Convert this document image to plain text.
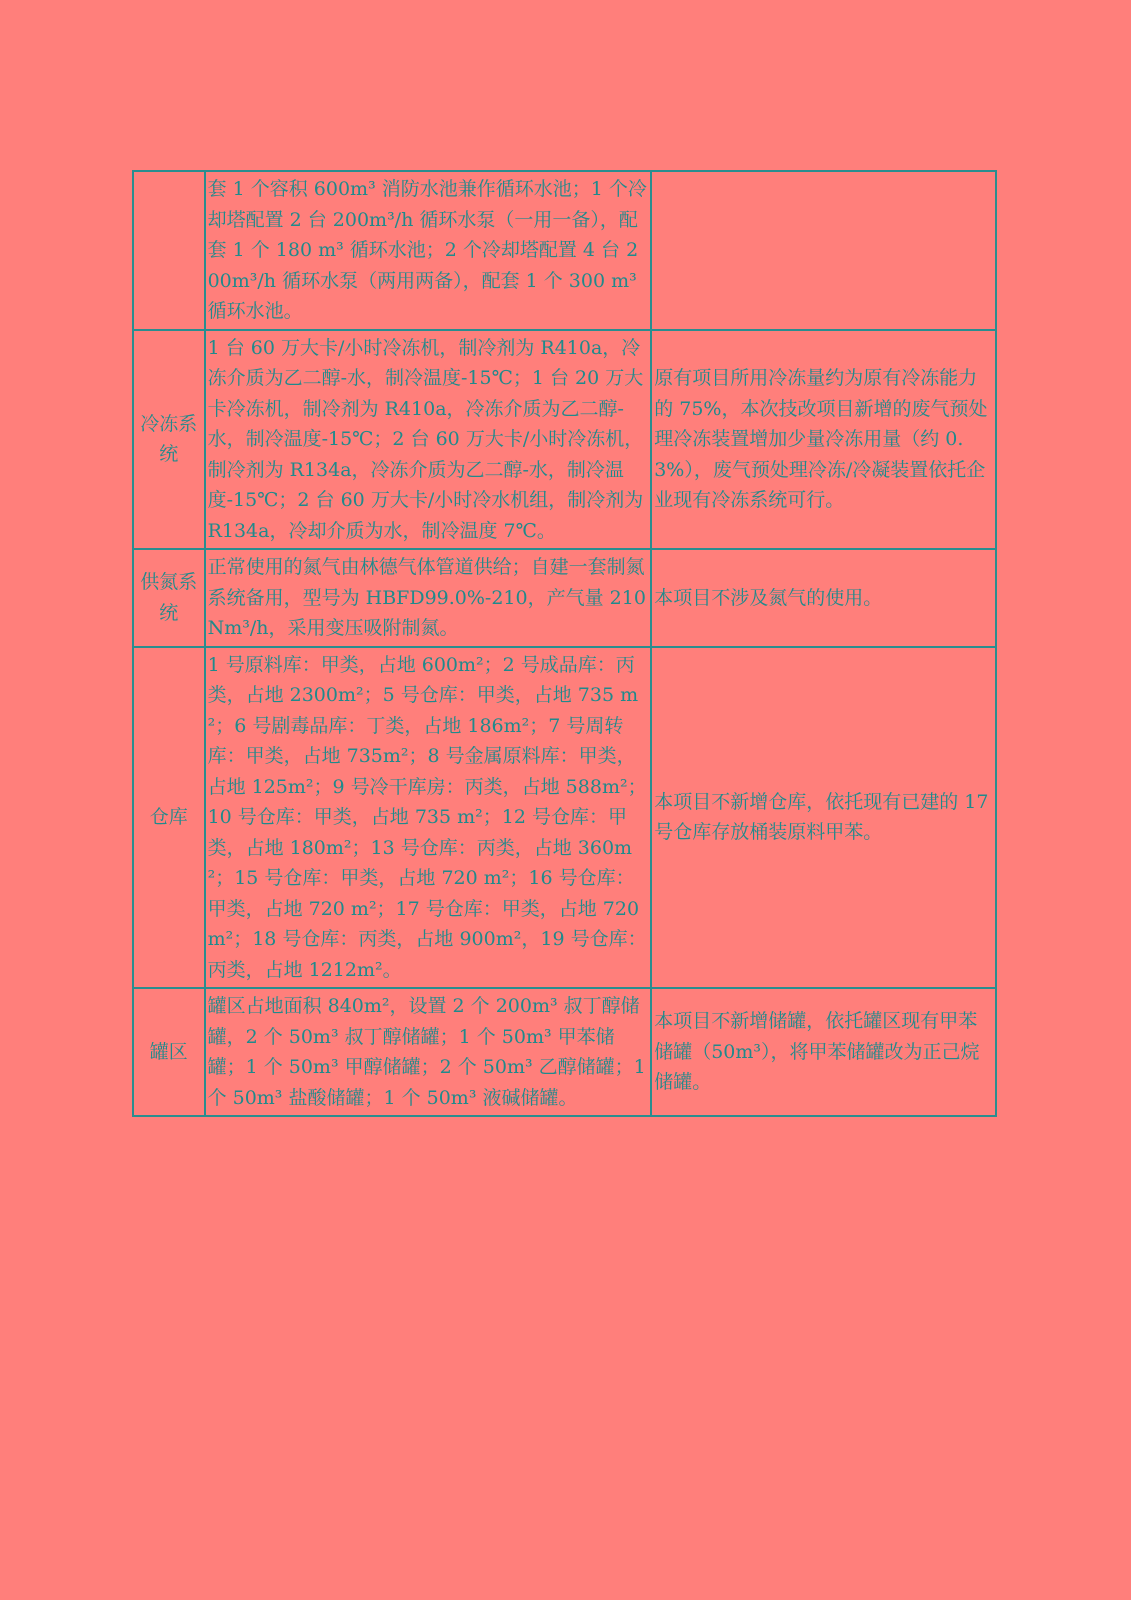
	套 1 个容积 600m³ 消防水池兼作循环水池；1 个冷却塔配置 2 台 200m³/h 循环水泵（一用一备），配套 1 个 180 m³ 循环水池；2 个冷却塔配置 4 台 200m³/h 循环水泵（两用两备），配套 1 个 300 m³ 循环水池。	
冷冻系统	1 台 60 万大卡/小时冷冻机，制冷剂为 R410a，冷冻介质为乙二醇-水，制冷温度-15℃；1 台 20 万大卡冷冻机，制冷剂为 R410a，冷冻介质为乙二醇-水，制冷温度-15℃；2 台 60 万大卡/小时冷冻机，制冷剂为 R134a，冷冻介质为乙二醇-水，制冷温度-15℃；2 台 60 万大卡/小时冷水机组，制冷剂为 R134a，冷却介质为水，制冷温度 7℃。	原有项目所用冷冻量约为原有冷冻能力的 75%，本次技改项目新增的废气预处理冷冻装置增加少量冷冻用量（约 0.3%），废气预处理冷冻/冷凝装置依托企业现有冷冻系统可行。
供氮系统	正常使用的氮气由林德气体管道供给；自建一套制氮系统备用，型号为 HBFD99.0%-210，产气量 210Nm³/h，采用变压吸附制氮。	本项目不涉及氮气的使用。
仓库	1 号原料库：甲类，占地 600m²；2 号成品库：丙类，占地 2300m²；5 号仓库：甲类，占地 735 m²；6 号剧毒品库：丁类，占地 186m²；7 号周转库：甲类，占地 735m²；8 号金属原料库：甲类，占地 125m²；9 号冷干库房：丙类，占地 588m²；10 号仓库：甲类，占地 735 m²；12 号仓库：甲类，占地 180m²；13 号仓库：丙类，占地 360m²；15 号仓库：甲类，占地 720 m²；16 号仓库：甲类，占地 720 m²；17 号仓库：甲类，占地 720m²；18 号仓库：丙类，占地 900m²，19 号仓库：丙类，占地 1212m²。	本项目不新增仓库，依托现有已建的 17 号仓库存放桶装原料甲苯。
罐区	罐区占地面积 840m²，设置 2 个 200m³ 叔丁醇储罐，2 个 50m³ 叔丁醇储罐；1 个 50m³ 甲苯储罐；1 个 50m³ 甲醇储罐；2 个 50m³ 乙醇储罐；1 个 50m³ 盐酸储罐；1 个 50m³ 液碱储罐。	本项目不新增储罐，依托罐区现有甲苯储罐（50m³），将甲苯储罐改为正己烷储罐。
